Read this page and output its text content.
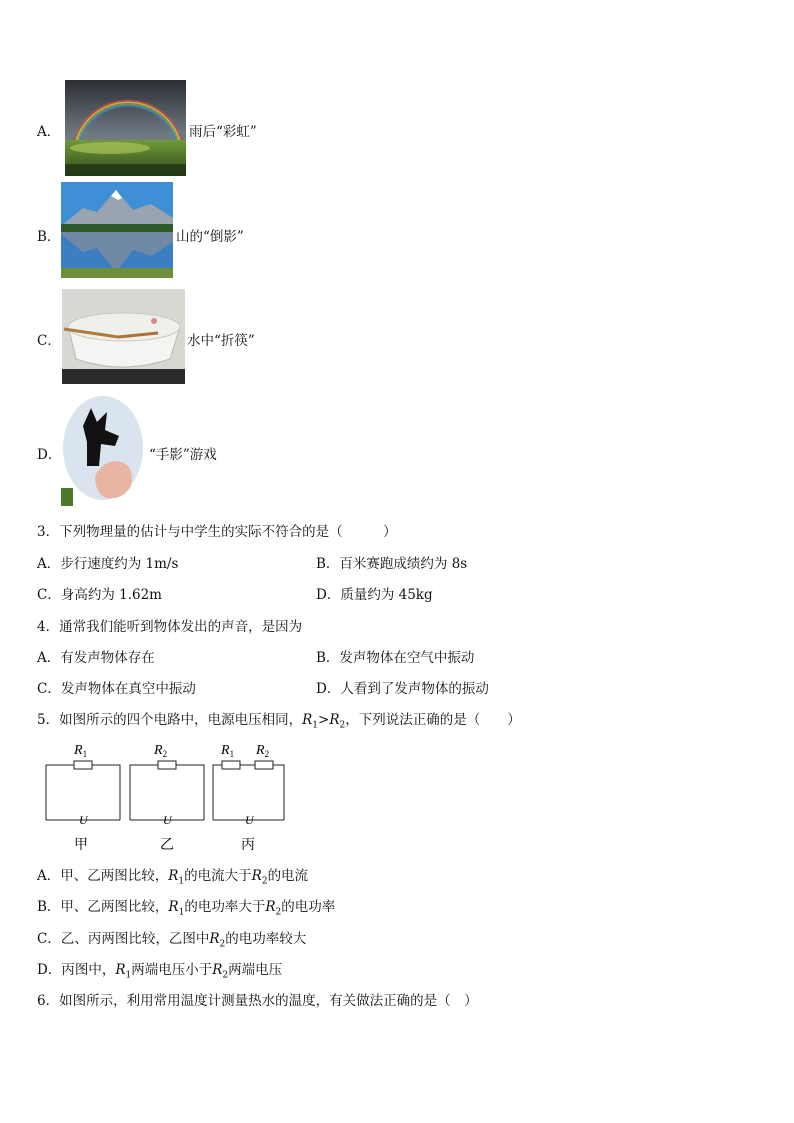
A．	雨后“彩虹”
B．	山的“倒影”
C．	水中“折筷”
D．	“手影”游戏
3．下列物理量的估计与中学生的实际不符合的是（　　　）
A．步行速度约为 1m/s	B．百米赛跑成绩约为 8s
C．身高约为 1.62m	D．质量约为 45kg
4．通常我们能听到物体发出的声音，是因为
A．有发声物体存在	B．发声物体在空气中振动
C．发声物体在真空中振动	D．人看到了发声物体的振动
5．如图所示的四个电路中，电源电压相同，$R_1>R_2$，下列说法正确的是（　　）
$R_1$
U
甲
$R_2$
U
乙
$R_1$ $R_2$
U
丙
A．甲、乙两图比较，$R_1$的电流大于$R_2$的电流
B．甲、乙两图比较，$R_1$的电功率大于$R_2$的电功率
C．乙、丙两图比较，乙图中$R_2$的电功率较大
D．丙图中，$R_1$两端电压小于$R_2$两端电压
6．如图所示，利用常用温度计测量热水的温度，有关做法正确的是（　）
